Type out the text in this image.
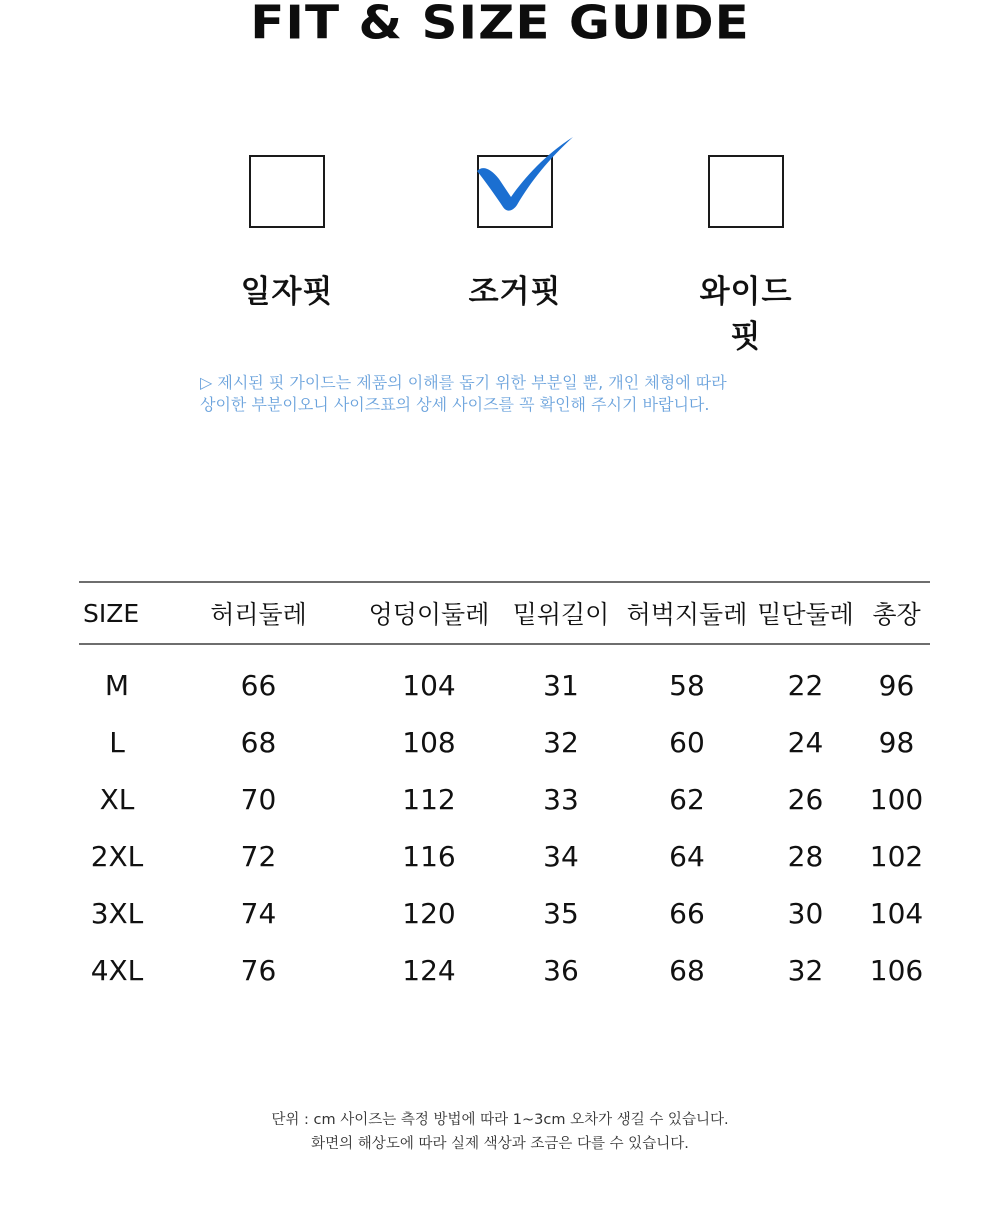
FIT & SIZE GUIDE
일자핏	조거핏	와이드핏
▷ 제시된 핏 가이드는 제품의 이해를 돕기 위한 부분일 뿐, 개인 체형에 따라
상이한 부분이오니 사이즈표의 상세 사이즈를 꼭 확인해 주시기 바랍니다.
SIZE	허리둘레	엉덩이둘레	밑위길이	허벅지둘레	밑단둘레	총장
M	66	104	31	58	22	96
L	68	108	32	60	24	98
XL	70	112	33	62	26	100
2XL	72	116	34	64	28	102
3XL	74	120	35	66	30	104
4XL	76	124	36	68	32	106
단위 : cm 사이즈는 측정 방법에 따라 1~3cm 오차가 생길 수 있습니다.
화면의 해상도에 따라 실제 색상과 조금은 다를 수 있습니다.
